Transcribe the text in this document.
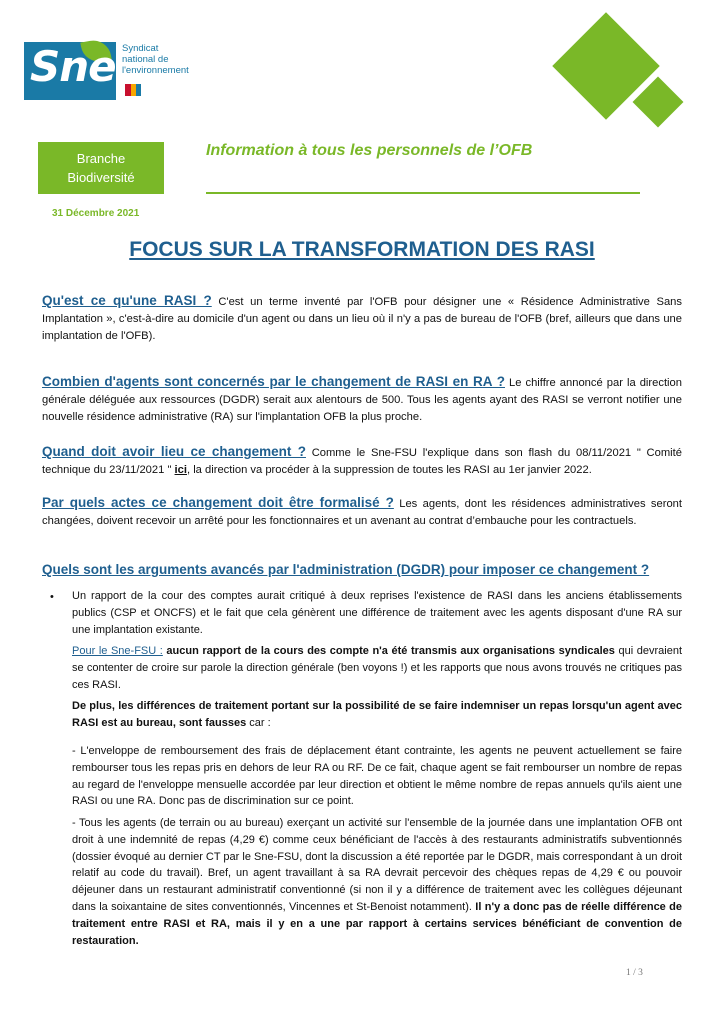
Sne Syndicat
national de
l'environnement
Branche
Biodiversité
Information à tous les personnels de l’OFB
31 Décembre 2021
FOCUS SUR LA TRANSFORMATION DES RASI
Qu'est ce qu'une RASI ? C'est un terme inventé par l'OFB pour désigner une « Résidence Administrative Sans Implantation », c'est-à-dire au domicile d'un agent ou dans un lieu où il n'y a pas de bureau de l'OFB (bref, ailleurs que dans une implantation de l'OFB).
Combien d'agents sont concernés par le changement de RASI en RA ? Le chiffre annoncé par la direction générale déléguée aux ressources (DGDR) serait aux alentours de 500. Tous les agents ayant des RASI se verront notifier une nouvelle résidence administrative (RA) sur l'implantation OFB la plus proche.
Quand doit avoir lieu ce changement ? Comme le Sne-FSU l'explique dans son flash du 08/11/2021 " Comité technique du 23/11/2021 " ici, la direction va procéder à la suppression de toutes les RASI au 1er janvier 2022.
Par quels actes ce changement doit être formalisé ? Les agents, dont les résidences administratives seront changées, doivent recevoir un arrêté pour les fonctionnaires et un avenant au contrat d’embauche pour les contractuels.
Quels sont les arguments avancés par l'administration (DGDR) pour imposer ce changement ?
• Un rapport de la cour des comptes aurait critiqué à deux reprises l'existence de RASI dans les anciens établissements publics (CSP et ONCFS) et le fait que cela génèrent une différence de traitement avec les agents disposant d'une RA sur une implantation existante.
Pour le Sne-FSU : aucun rapport de la cours des compte n'a été transmis aux organisations syndicales qui devraient se contenter de croire sur parole la direction générale (ben voyons !) et les rapports que nous avons trouvés ne critiques pas ces RASI.
De plus, les différences de traitement portant sur la possibilité de se faire indemniser un repas lorsqu'un agent avec RASI est au bureau, sont fausses car :
- L'enveloppe de remboursement des frais de déplacement étant contrainte, les agents ne peuvent actuellement se faire rembourser tous les repas pris en dehors de leur RA ou RF. De ce fait, chaque agent se fait rembourser un nombre de repas au regard de l'enveloppe mensuelle accordée par leur direction et obtient le même nombre de repas annuels qu'ils aient une RASI ou une RA. Donc pas de discrimination sur ce point.
- Tous les agents (de terrain ou au bureau) exerçant un activité sur l'ensemble de la journée dans une implantation OFB ont droit à une indemnité de repas (4,29 €) comme ceux bénéficiant de l'accès à des restaurants administratifs subventionnés (dossier évoqué au dernier CT par le Sne-FSU, dont la discussion a été reportée par le DGDR, mais correspondant à un droit relatif au code du travail). Bref, un agent travaillant à sa RA devrait percevoir des chèques repas de 4,29 € ou pouvoir déjeuner dans un restaurant administratif conventionné (si non il y a différence de traitement avec les collègues déjeunant dans la soixantaine de sites conventionnés, Vincennes et St-Benoist notamment). Il n'y a donc pas de réelle différence de traitement entre RASI et RA, mais il y en a une par rapport à certains services bénéficiant de convention de restauration.
1 / 3
